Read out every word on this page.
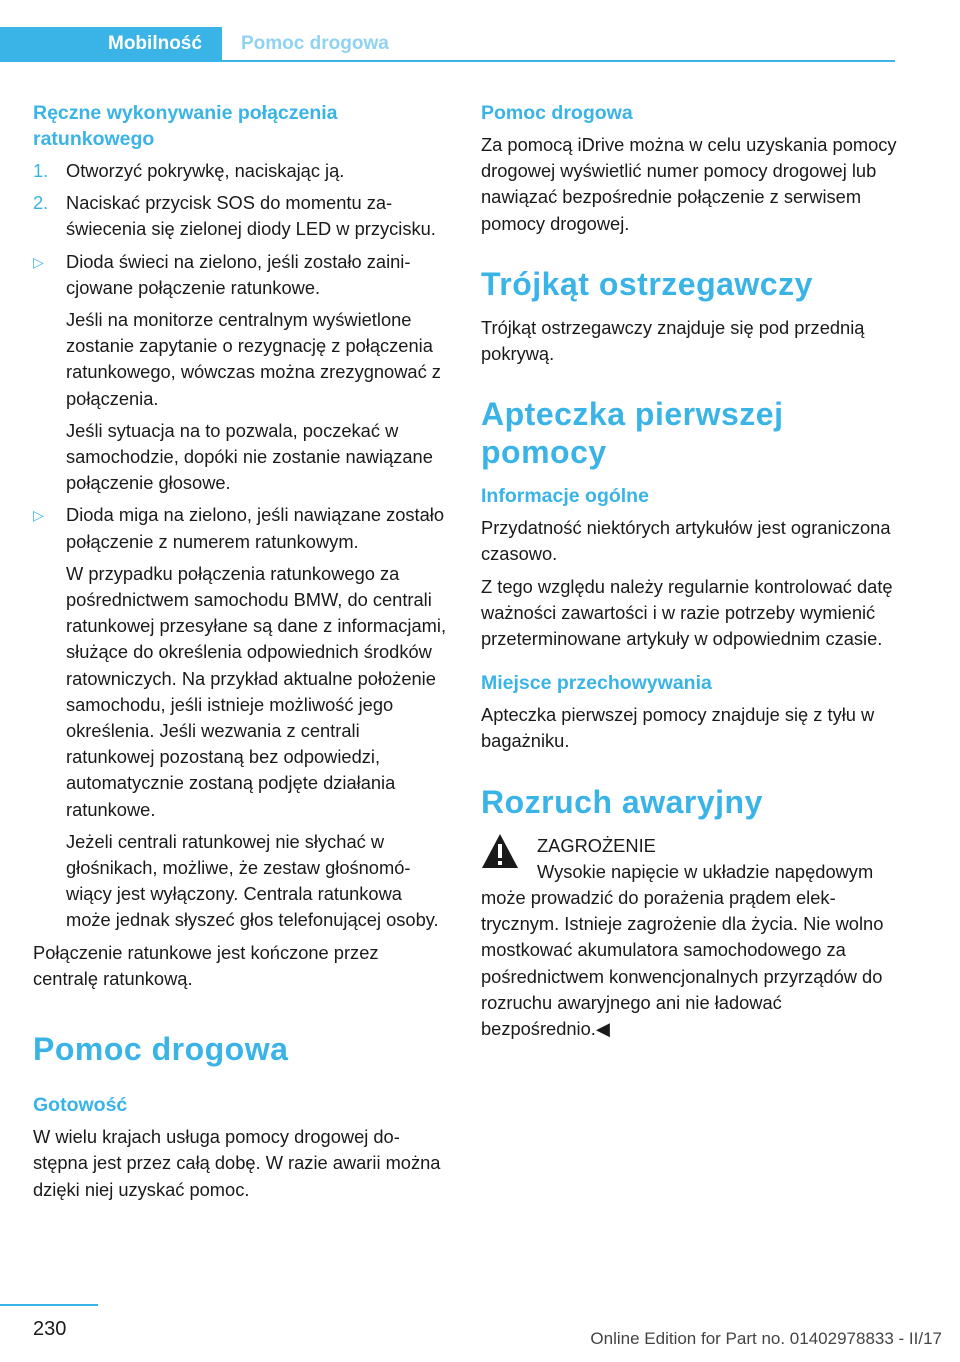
Mobilność	Pomoc drogowa
Ręczne wykonywanie połączenia ratunkowego
1. Otworzyć pokrywkę, naciskając ją.
2. Naciskać przycisk SOS do momentu zaświecenia się zielonej diody LED w przycisku.
▷ Dioda świeci na zielono, jeśli zostało zainicjowane połączenie ratunkowe.

Jeśli na monitorze centralnym wyświetlone zostanie zapytanie o rezygnację z połączenia ratunkowego, wówczas można zrezygnować z połączenia.

Jeśli sytuacja na to pozwala, poczekać w samochodzie, dopóki nie zostanie nawiązane połączenie głosowe.

▷ Dioda miga na zielono, jeśli nawiązane zostało połączenie z numerem ratunkowym.

W przypadku połączenia ratunkowego za pośrednictwem samochodu BMW, do centrali ratunkowej przesyłane są dane z informacjami, służące do określenia odpowiednich środków ratowniczych. Na przykład aktualne położenie samochodu, jeśli istnieje możliwość jego określenia. Jeśli wezwania z centrali ratunkowej pozostaną bez odpowiedzi, automatycznie zostaną podjęte działania ratunkowe.

Jeżeli centrali ratunkowej nie słychać w głośnikach, możliwe, że zestaw głośnomówiący jest wyłączony. Centrala ratunkowa może jednak słyszeć głos telefonującej osoby.

Połączenie ratunkowe jest kończone przez centralę ratunkową.

Pomoc drogowa
Gotowość

W wielu krajach usługa pomocy drogowej dostępna jest przez całą dobę. W razie awarii można dzięki niej uzyskać pomoc.

Pomoc drogowa

Za pomocą iDrive można w celu uzyskania pomocy drogowej wyświetlić numer pomocy drogowej lub nawiązać bezpośrednie połączenie z serwisem pomocy drogowej.

Trójkąt ostrzegawczy

Trójkąt ostrzegawczy znajduje się pod przednią pokrywą.

Apteczka pierwszej pomocy
Informacje ogólne

Przydatność niektórych artykułów jest ograniczona czasowo.

Z tego względu należy regularnie kontrolować datę ważności zawartości i w razie potrzeby wymienić przeterminowane artykuły w odpowiednim czasie.

Miejsce przechowywania

Apteczka pierwszej pomocy znajduje się z tyłu w bagażniku.

Rozruch awaryjny
ZAGROŻENIE
Wysokie napięcie w układzie napędowym może prowadzić do porażenia prądem elektrycznym. Istnieje zagrożenie dla życia. Nie wolno mostkować akumulatora samochodowego za pośrednictwem konwencjonalnych przyrządów do rozruchu awaryjnego ani nie ładować bezpośrednio.◀
230	Online Edition for Part no. 01402978833 - II/17
